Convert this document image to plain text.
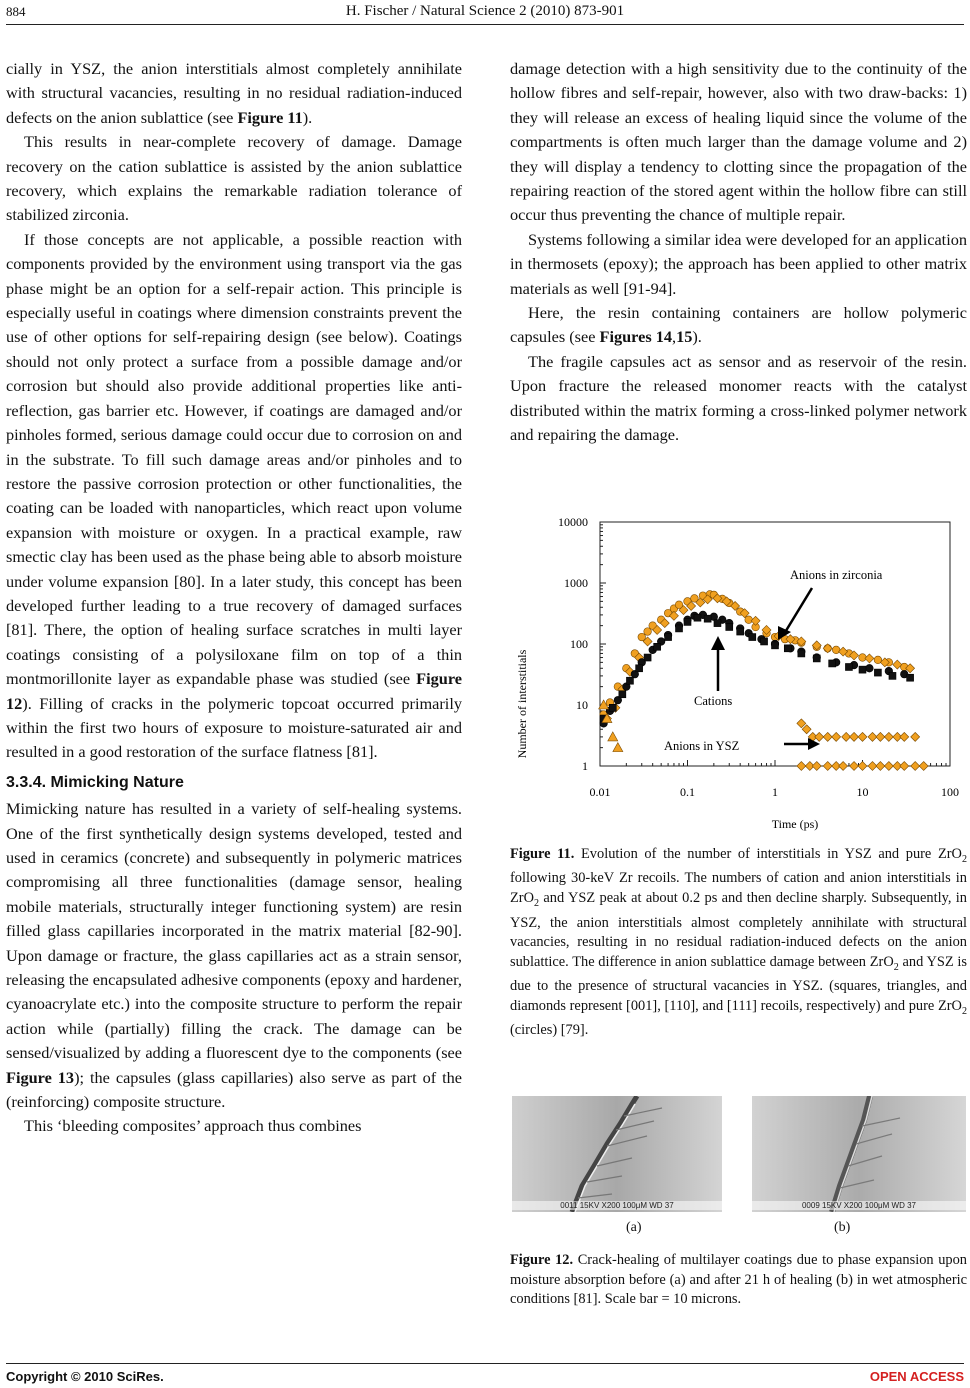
884	H. Fischer / Natural Science 2 (2010) 873-901

cially in YSZ, the anion interstitials almost completely annihilate with structural vacancies, resulting in no residual radiation-induced defects on the anion sublattice (see Figure 11).

This results in near-complete recovery of damage. Damage recovery on the cation sublattice is assisted by the anion sublattice recovery, which explains the remarkable radiation tolerance of stabilized zirconia.

If those concepts are not applicable, a possible reaction with components provided by the environment using transport via the gas phase might be an option for a self-repair action. This principle is especially useful in coatings where dimension constraints prevent the use of other options for self-repairing design (see below). Coatings should not only protect a surface from a possible damage and/or corrosion but should also provide additional properties like anti-reflection, gas barrier etc. However, if coatings are damaged and/or pinholes formed, serious damage could occur due to corrosion on and in the substrate. To fill such damage areas and/or pinholes and to restore the passive corrosion protection or other functionalities, the coating can be loaded with nanoparticles, which react upon volume expansion with moisture or oxygen. In a practical example, raw smectic clay has been used as the phase being able to absorb moisture under volume expansion [80]. In a later study, this concept has been developed further leading to a true recovery of damaged surfaces [81]. There, the option of healing surface scratches in multi layer coatings consisting of a polysiloxane film on top of a thin montmorillonite layer as expandable phase was studied (see Figure 12). Filling of cracks in the polymeric topcoat occurred primarily within the first two hours of exposure to moisture-saturated air and resulted in a good restoration of the surface flatness [81].

3.3.4. Mimicking Nature

Mimicking nature has resulted in a variety of self-healing systems. One of the first synthetically design systems developed, tested and used in ceramics (concrete) and subsequently in polymeric matrices compromising all three functionalities (damage sensor, healing mobile materials, structurally integer functioning system) are resin filled glass capillaries incorporated in the matrix material [82-90]. Upon damage or fracture, the glass capillaries act as a strain sensor, releasing the encapsulated adhesive components (epoxy and hardener, cyanoacrylate etc.) into the composite structure to perform the repair action while (partially) filling the crack. The damage can be sensed/visualized by adding a fluorescent dye to the components (see Figure 13); the capsules (glass capillaries) also serve as part of the (reinforcing) composite structure.

This ‘bleeding composites’ approach thus combines

damage detection with a high sensitivity due to the continuity of the hollow fibres and self-repair, however, also with two draw-backs: 1) they will release an excess of healing liquid since the volume of the compartments is often much larger than the damage volume and 2) they will display a tendency to clotting since the propagation of the repairing reaction of the stored agent within the hollow fibre can still occur thus preventing the chance of multiple repair.

Systems following a similar idea were developed for an application in thermosets (epoxy); the approach has been applied to other matrix materials as well [91-94].

Here, the resin containing containers are hollow polymeric capsules (see Figures 14,15).

The fragile capsules act as sensor and as reservoir of the resin. Upon fracture the released monomer reacts with the catalyst distributed within the matrix forming a cross-linked polymer network and repairing the damage.

0.01	0.1	1	10	100
1
10
100
1000
10000
Time (ps)
Number of interstitials
Anions in zirconia
Cations
Anions in YSZ
Figure 11. Evolution of the number of interstitials in YSZ and pure ZrO$_2$ following 30-keV Zr recoils. The numbers of cation and anion interstitials in ZrO$_2$ and YSZ peak at about 0.2 ps and then decline sharply. Subsequently, in YSZ, the anion interstitials almost completely annihilate with structural vacancies, resulting in no residual radiation-induced defects on the anion sublattice. The difference in anion sublattice damage between ZrO$_2$ and YSZ is due to the presence of structural vacancies in YSZ. (squares, triangles, and diamonds represent [001], [110], and [111] recoils, respectively) and pure ZrO$_2$ (circles) [79].
0011 15KV X200 100μM WD 37	0009 15KV X200 100μM WD 37
(a)	(b)
Figure 12. Crack-healing of multilayer coatings due to phase expansion upon moisture absorption before (a) and after 21 h of healing (b) in wet atmospheric conditions [81]. Scale bar = 10 microns.
Copyright © 2010 SciRes.	OPEN ACCESS
